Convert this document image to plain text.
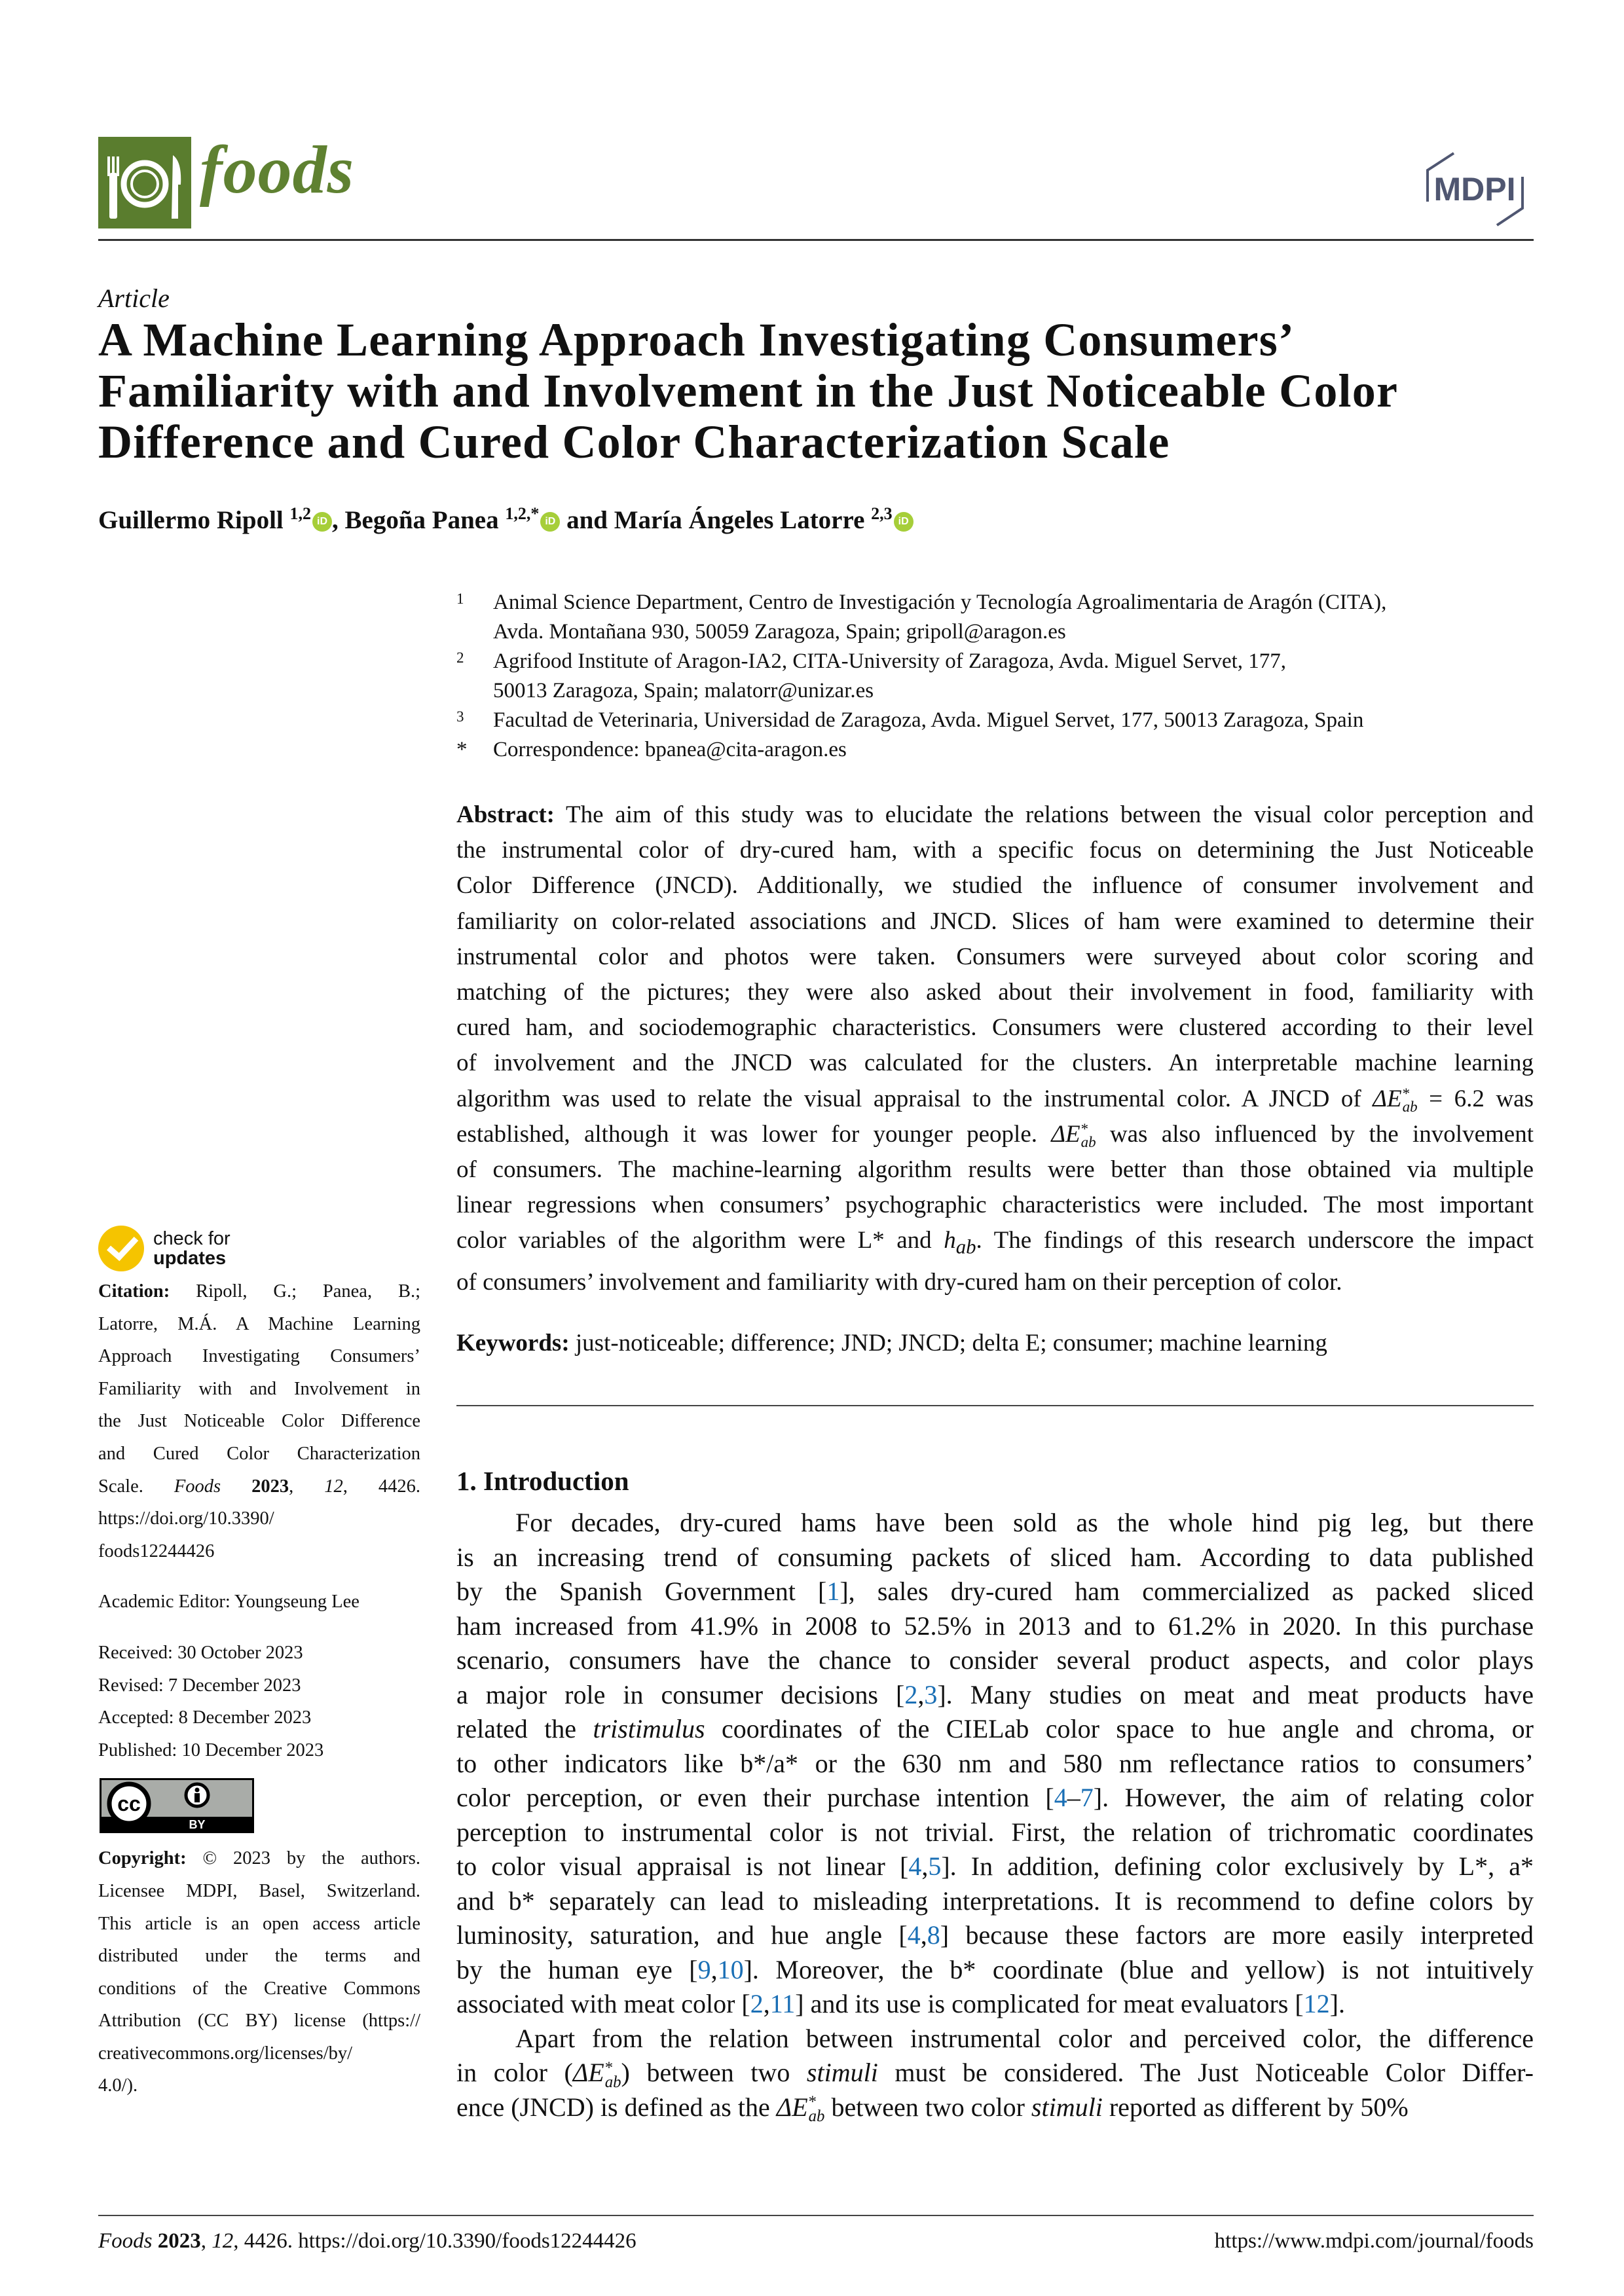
foods	MDPI
Article
A Machine Learning Approach Investigating Consumers’
Familiarity with and Involvement in the Just Noticeable Color
Difference and Cured Color Characterization Scale
Guillermo Ripoll $^{1,2}$ iD , Begoña Panea $^{1,2,*}$ iD and María Ángeles Latorre $^{2,3}$ iD
1 Animal Science Department, Centro de Investigación y Tecnología Agroalimentaria de Aragón (CITA),
Avda. Montañana 930, 50059 Zaragoza, Spain; gripoll@aragon.es
2 Agrifood Institute of Aragon-IA2, CITA-University of Zaragoza, Avda. Miguel Servet, 177,
50013 Zaragoza, Spain; malatorr@unizar.es
3 Facultad de Veterinaria, Universidad de Zaragoza, Avda. Miguel Servet, 177, 50013 Zaragoza, Spain
* Correspondence: bpanea@cita-aragon.es
Abstract: The aim of this study was to elucidate the relations between the visual color perception and
the instrumental color of dry-cured ham, with a specific focus on determining the Just Noticeable
Color Difference (JNCD). Additionally, we studied the influence of consumer involvement and
familiarity on color-related associations and JNCD. Slices of ham were examined to determine their
instrumental color and photos were taken. Consumers were surveyed about color scoring and
matching of the pictures; they were also asked about their involvement in food, familiarity with
cured ham, and sociodemographic characteristics. Consumers were clustered according to their level
of involvement and the JNCD was calculated for the clusters. An interpretable machine learning
algorithm was used to relate the visual appraisal to the instrumental color. A JNCD of ΔE *
ab = 6.2 was
established, although it was lower for younger people. ΔE *
ab was also influenced by the involvement
of consumers. The machine-learning algorithm results were better than those obtained via multiple
linear regressions when consumers’ psychographic characteristics were included. The most important
color variables of the algorithm were L* and $h_{ab}$. The findings of this research underscore the impact
of consumers’ involvement and familiarity with dry-cured ham on their perception of color.
Keywords: just-noticeable; difference; JND; JNCD; delta E; consumer; machine learning
1. Introduction
For decades, dry-cured hams have been sold as the whole hind pig leg, but there
is an increasing trend of consuming packets of sliced ham. According to data published
by the Spanish Government [1], sales dry-cured ham commercialized as packed sliced
ham increased from 41.9% in 2008 to 52.5% in 2013 and to 61.2% in 2020. In this purchase
scenario, consumers have the chance to consider several product aspects, and color plays
a major role in consumer decisions [2,3]. Many studies on meat and meat products have
related the tristimulus coordinates of the CIELab color space to hue angle and chroma, or
to other indicators like b*/a* or the 630 nm and 580 nm reflectance ratios to consumers’
color perception, or even their purchase intention [4–7]. However, the aim of relating color
perception to instrumental color is not trivial. First, the relation of trichromatic coordinates
to color visual appraisal is not linear [4,5]. In addition, defining color exclusively by L*, a*
and b* separately can lead to misleading interpretations. It is recommend to define colors by
luminosity, saturation, and hue angle [4,8] because these factors are more easily interpreted
by the human eye [9,10]. Moreover, the b* coordinate (blue and yellow) is not intuitively
associated with meat color [2,11] and its use is complicated for meat evaluators [12].
Apart from the relation between instrumental color and perceived color, the difference
in color (ΔE *
ab ) between two stimuli must be considered. The Just Noticeable Color Differ-
ence (JNCD) is defined as the ΔE *
ab between two color stimuli reported as different by 50%
check for
updates
Citation: Ripoll, G.; Panea, B.;
Latorre, M.Á. A Machine Learning
Approach Investigating Consumers’
Familiarity with and Involvement in
the Just Noticeable Color Difference
and Cured Color Characterization
Scale. Foods 2023, 12, 4426.
https://doi.org/10.3390/
foods12244426
Academic Editor: Youngseung Lee
Received: 30 October 2023
Revised: 7 December 2023
Accepted: 8 December 2023
Published: 10 December 2023
cc
BY
Copyright: © 2023 by the authors.
Licensee MDPI, Basel, Switzerland.
This article is an open access article
distributed under the terms and
conditions of the Creative Commons
Attribution (CC BY) license (https://
creativecommons.org/licenses/by/
4.0/).
Foods 2023, 12, 4426. https://doi.org/10.3390/foods12244426	https://www.mdpi.com/journal/foods
